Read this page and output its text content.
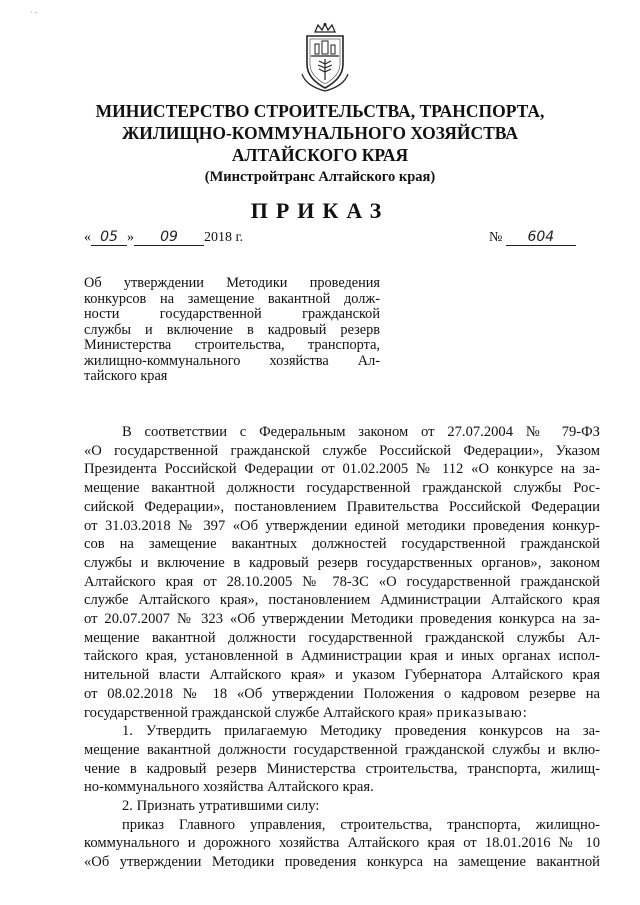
· -
МИНИСТЕРСТВО СТРОИТЕЛЬСТВА, ТРАНСПОРТА,
ЖИЛИЩНО-КОММУНАЛЬНОГО ХОЗЯЙСТВА
АЛТАЙСКОГО КРАЯ
(Минстройтранс Алтайского края)
ПРИКАЗ
« 05 » 09 2018 г.	№ 604
Об утверждении Методики проведения
конкурсов на замещение вакантной долж-
ности государственной гражданской
службы и включение в кадровый резерв
Министерства строительства, транспорта,
жилищно-коммунального хозяйства Ал-
тайского края
В соответствии с Федеральным законом от 27.07.2004 № 79-ФЗ
«О государственной гражданской службе Российской Федерации», Указом
Президента Российской Федерации от 01.02.2005 № 112 «О конкурсе на за-
мещение вакантной должности государственной гражданской службы Рос-
сийской Федерации», постановлением Правительства Российской Федерации
от 31.03.2018 № 397 «Об утверждении единой методики проведения конкур-
сов на замещение вакантных должностей государственной гражданской
службы и включение в кадровый резерв государственных органов», законом
Алтайского края от 28.10.2005 № 78-ЗС «О государственной гражданской
службе Алтайского края», постановлением Администрации Алтайского края
от 20.07.2007 № 323 «Об утверждении Методики проведения конкурса на за-
мещение вакантной должности государственной гражданской службы Ал-
тайского края, установленной в Администрации края и иных органах испол-
нительной власти Алтайского края» и указом Губернатора Алтайского края
от 08.02.2018 № 18 «Об утверждении Положения о кадровом резерве на
государственной гражданской службе Алтайского края» приказываю:
1. Утвердить прилагаемую Методику проведения конкурсов на за-
мещение вакантной должности государственной гражданской службы и вклю-
чение в кадровый резерв Министерства строительства, транспорта, жилищ-
но-коммунального хозяйства Алтайского края.
2. Признать утратившими силу:
приказ Главного управления, строительства, транспорта, жилищно-
коммунального и дорожного хозяйства Алтайского края от 18.01.2016 № 10
«Об утверждении Методики проведения конкурса на замещение вакантной
